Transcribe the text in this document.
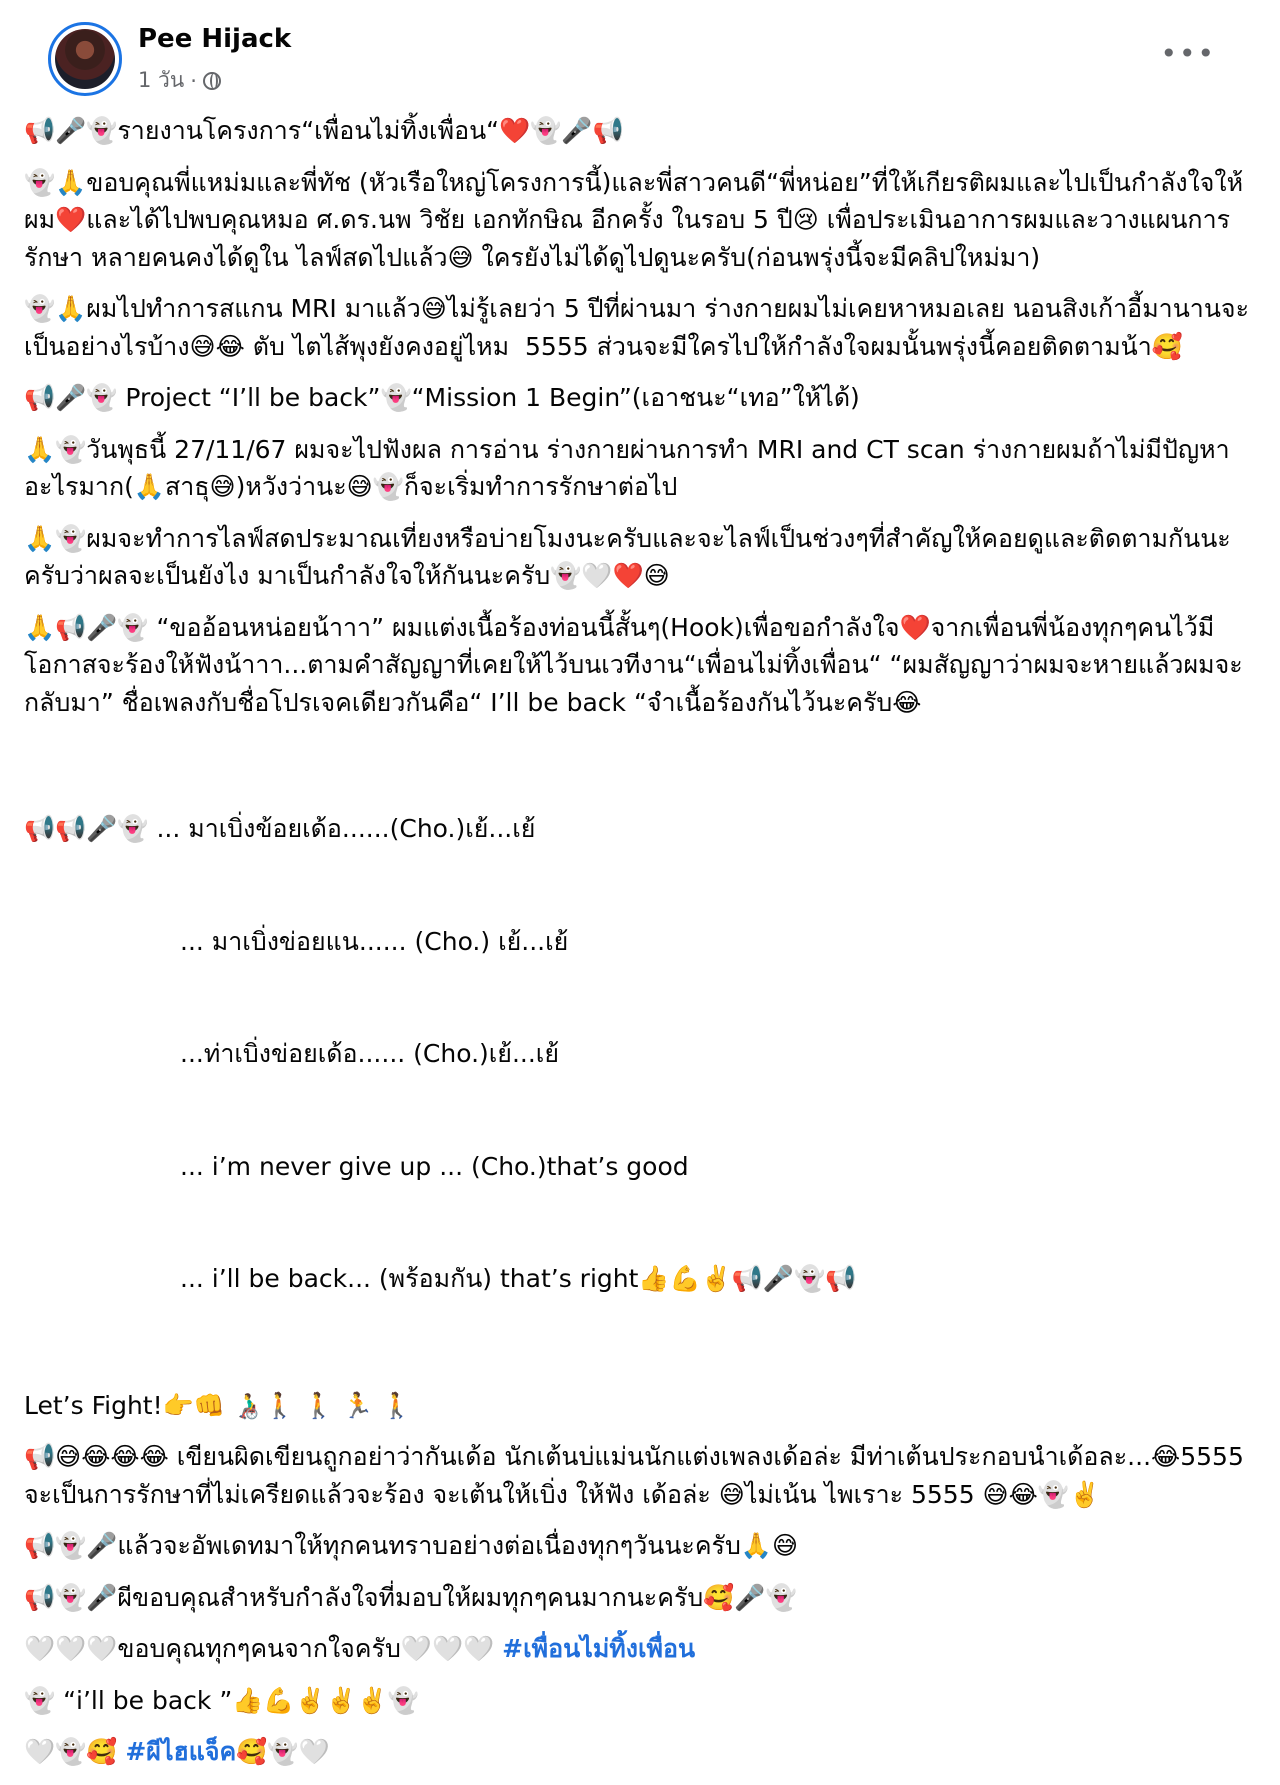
Pee Hijack
1 วัน ·
•••

📢🎤👻รายงานโครงการ“เพื่อนไม่ทิ้งเพื่อน“❤️👻🎤📢

👻🙏ขอบคุณพี่แหม่มและพี่ทัช (หัวเรือใหญ่โครงการนี้)และพี่สาวคนดี“พี่หน่อย”ที่ให้เกียรติผมและไปเป็นกำลังใจให้ผม❤️และได้ไปพบคุณหมอ ศ.ดร.นพ วิชัย เอกทักษิณ อีกครั้ง ในรอบ 5 ปี😢 เพื่อประเมินอาการผมและวางแผนการรักษา หลายคนคงได้ดูใน ไลฟ์สดไปแล้ว😅 ใครยังไม่ได้ดูไปดูนะครับ(ก่อนพรุ่งนี้จะมีคลิปใหม่มา)

👻🙏ผมไปทำการสแกน MRI มาแล้ว😅ไม่รู้เลยว่า 5 ปีที่ผ่านมา ร่างกายผมไม่เคยหาหมอเลย นอนสิงเก้าอี้มานานจะเป็นอย่างไรบ้าง😅😂 ตับ ไตไส้พุงยังคงอยู่ไหม  5555 ส่วนจะมีใครไปให้กำลังใจผมนั้นพรุ่งนี้คอยติดตามน้า🥰

📢🎤👻 Project “I’ll be back”👻“Mission 1 Begin”(เอาชนะ“เทอ”ให้ได้)

🙏👻วันพุธนี้ 27/11/67 ผมจะไปฟังผล การอ่าน ร่างกายผ่านการทำ MRI and CT scan ร่างกายผมถ้าไม่มีปัญหาอะไรมาก(🙏สาธุ😅)หวังว่านะ😅👻ก็จะเริ่มทำการรักษาต่อไป

🙏👻ผมจะทำการไลฟ์สดประมาณเที่ยงหรือบ่ายโมงนะครับและจะไลฟ์เป็นช่วงๆที่สำคัญให้คอยดูและติดตามกันนะครับว่าผลจะเป็นยังไง มาเป็นกำลังใจให้กันนะครับ👻🤍❤️😅

🙏📢🎤👻 “ขออ้อนหน่อยน้าาา” ผมแต่งเนื้อร้องท่อนนี้สั้นๆ(Hook)เพื่อขอกำลังใจ❤️จากเพื่อนพี่น้องทุกๆคนไว้มีโอกาสจะร้องให้ฟังน้าาา...ตามคำสัญญาที่เคยให้ไว้บนเวทีงาน“เพื่อนไม่ทิ้งเพื่อน“ “ผมสัญญาว่าผมจะหายแล้วผมจะกลับมา” ชื่อเพลงกับชื่อโปรเจคเดียวกันคือ“ I’ll be back “จำเนื้อร้องกันไว้นะครับ😂

📢📢🎤👻 ... มาเบิ่งข้อยเด้อ......(Cho.)เย้...เย้

... มาเบิ่งข่อยแน...... (Cho.) เย้...เย้

...ท่าเบิ่งข่อยเด้อ...... (Cho.)เย้...เย้

... i’m never give up ... (Cho.)that’s good

... i’ll be back... (พร้อมกัน) that’s right👍💪✌️📢🎤👻📢

Let’s Fight!👉👊 👨‍🦽🚶 🚶 🏃 🚶

📢😅😂😂😂 เขียนผิดเขียนถูกอย่าว่ากันเด้อ นักเต้นบ่แม่นนักแต่งเพลงเด้อล่ะ มีท่าเต้นประกอบนำเด้อละ...😂5555 จะเป็นการรักษาที่ไม่เครียดแล้วจะร้อง จะเต้นให้เบิ่ง ให้ฟัง เด้อล่ะ 😅ไม่เน้น ไพเราะ 5555 😅😂👻✌️

📢👻🎤แล้วจะอัพเดทมาให้ทุกคนทราบอย่างต่อเนื่องทุกๆวันนะครับ🙏😅

📢👻🎤ผีขอบคุณสำหรับกำลังใจที่มอบให้ผมทุกๆคนมากนะครับ🥰🎤👻

🤍🤍🤍ขอบคุณทุกๆคนจากใจครับ🤍🤍🤍 #เพื่อนไม่ทิ้งเพื่อน

👻 “i’ll be back ”👍💪✌️✌️✌️👻

🤍👻🥰 #ผีไฮแจ็ค🥰👻🤍
